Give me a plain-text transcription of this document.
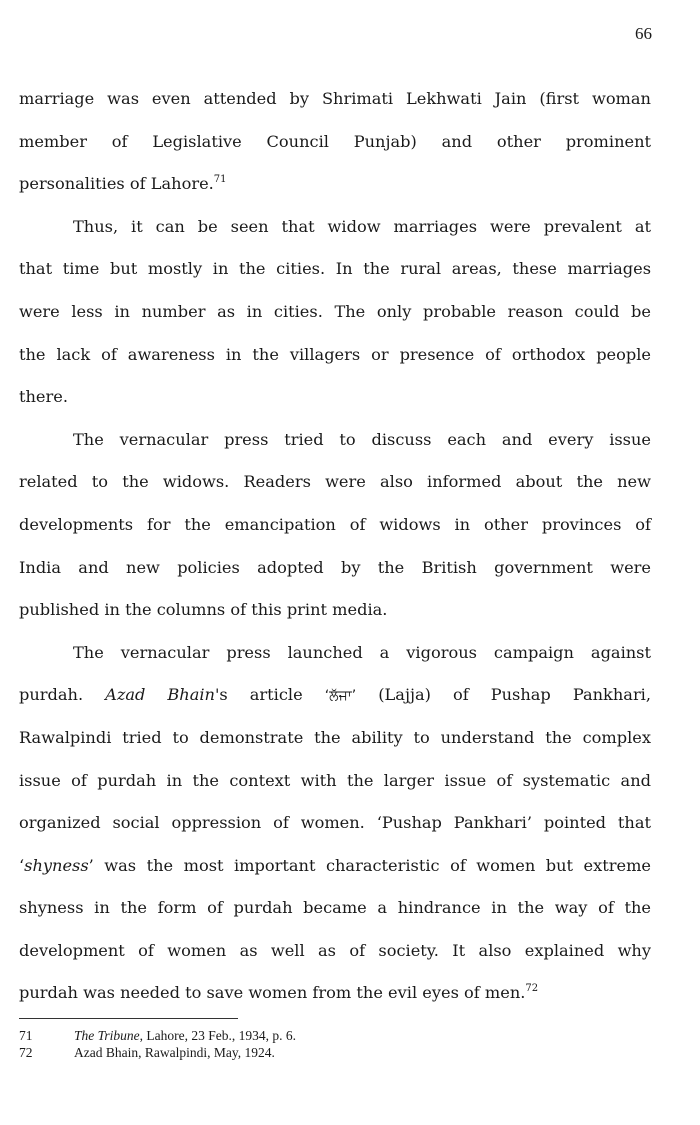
66
marriage was even attended by Shrimati Lekhwati Jain (first woman
member of Legislative Council Punjab) and other prominent
personalities of Lahore.$^{71}$
Thus, it can be seen that widow marriages were prevalent at
that time but mostly in the cities. In the rural areas, these marriages
were less in number as in cities. The only probable reason could be
the lack of awareness in the villagers or presence of orthodox people
there.
The vernacular press tried to discuss each and every issue
related to the widows. Readers were also informed about the new
developments for the emancipation of widows in other provinces of
India and new policies adopted by the British government were
published in the columns of this print media.
The vernacular press launched a vigorous campaign against
purdah. Azad Bhain's article ‘ਲੱਜਾ’ (Lajja) of Pushap Pankhari,
Rawalpindi tried to demonstrate the ability to understand the complex
issue of purdah in the context with the larger issue of systematic and
organized social oppression of women. ‘Pushap Pankhari’ pointed that
‘shyness’ was the most important characteristic of women but extreme
shyness in the form of purdah became a hindrance in the way of the
development of women as well as of society. It also explained why
purdah was needed to save women from the evil eyes of men.$^{72}$
71	The Tribune, Lahore, 23 Feb., 1934, p. 6.
72	Azad Bhain, Rawalpindi, May, 1924.
